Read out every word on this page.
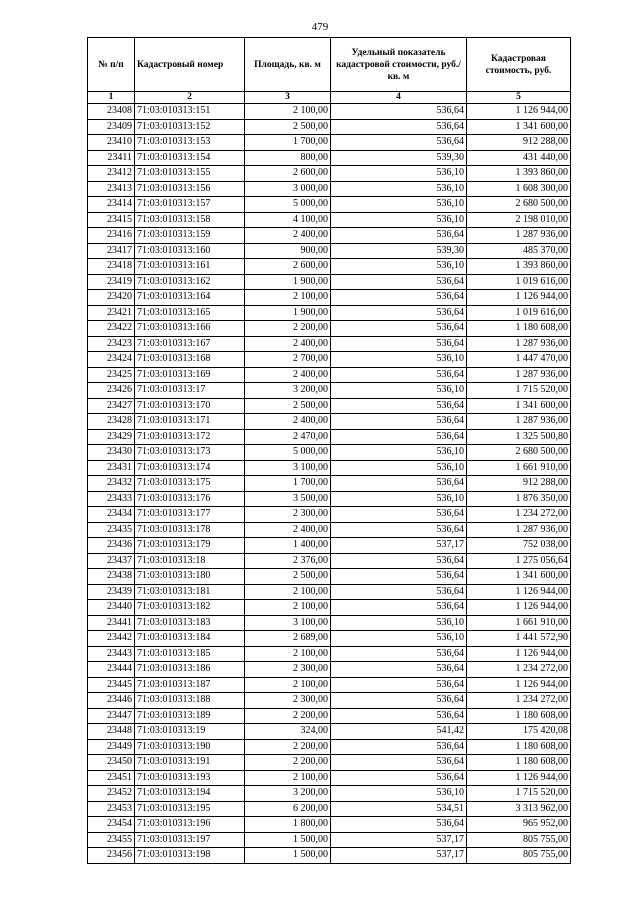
479
№ п/п	Кадастровый номер	Площадь, кв. м	Удельный показатель кадастровой стоимости, руб./кв. м	Кадастровая стоимость, руб.
1	2	3	4	5
23408	71:03:010313:151	2 100,00	536,64	1 126 944,00
23409	71:03:010313:152	2 500,00	536,64	1 341 600,00
23410	71:03:010313:153	1 700,00	536,64	912 288,00
23411	71:03:010313:154	800,00	539,30	431 440,00
23412	71:03:010313:155	2 600,00	536,10	1 393 860,00
23413	71:03:010313:156	3 000,00	536,10	1 608 300,00
23414	71:03:010313:157	5 000,00	536,10	2 680 500,00
23415	71:03:010313:158	4 100,00	536,10	2 198 010,00
23416	71:03:010313:159	2 400,00	536,64	1 287 936,00
23417	71:03:010313:160	900,00	539,30	485 370,00
23418	71:03:010313:161	2 600,00	536,10	1 393 860,00
23419	71:03:010313:162	1 900,00	536,64	1 019 616,00
23420	71:03:010313:164	2 100,00	536,64	1 126 944,00
23421	71:03:010313:165	1 900,00	536,64	1 019 616,00
23422	71:03:010313:166	2 200,00	536,64	1 180 608,00
23423	71:03:010313:167	2 400,00	536,64	1 287 936,00
23424	71:03:010313:168	2 700,00	536,10	1 447 470,00
23425	71:03:010313:169	2 400,00	536,64	1 287 936,00
23426	71:03:010313:17	3 200,00	536,10	1 715 520,00
23427	71:03:010313:170	2 500,00	536,64	1 341 600,00
23428	71:03:010313:171	2 400,00	536,64	1 287 936,00
23429	71:03:010313:172	2 470,00	536,64	1 325 500,80
23430	71:03:010313:173	5 000,00	536,10	2 680 500,00
23431	71:03:010313:174	3 100,00	536,10	1 661 910,00
23432	71:03:010313:175	1 700,00	536,64	912 288,00
23433	71:03:010313:176	3 500,00	536,10	1 876 350,00
23434	71:03:010313:177	2 300,00	536,64	1 234 272,00
23435	71:03:010313:178	2 400,00	536,64	1 287 936,00
23436	71:03:010313:179	1 400,00	537,17	752 038,00
23437	71:03:010313:18	2 376,00	536,64	1 275 056,64
23438	71:03:010313:180	2 500,00	536,64	1 341 600,00
23439	71:03:010313:181	2 100,00	536,64	1 126 944,00
23440	71:03:010313:182	2 100,00	536,64	1 126 944,00
23441	71:03:010313:183	3 100,00	536,10	1 661 910,00
23442	71:03:010313:184	2 689,00	536,10	1 441 572,90
23443	71:03:010313:185	2 100,00	536,64	1 126 944,00
23444	71:03:010313:186	2 300,00	536,64	1 234 272,00
23445	71:03:010313:187	2 100,00	536,64	1 126 944,00
23446	71:03:010313:188	2 300,00	536,64	1 234 272,00
23447	71:03:010313:189	2 200,00	536,64	1 180 608,00
23448	71:03:010313:19	324,00	541,42	175 420,08
23449	71:03:010313:190	2 200,00	536,64	1 180 608,00
23450	71:03:010313:191	2 200,00	536,64	1 180 608,00
23451	71:03:010313:193	2 100,00	536,64	1 126 944,00
23452	71:03:010313:194	3 200,00	536,10	1 715 520,00
23453	71:03:010313:195	6 200,00	534,51	3 313 962,00
23454	71:03:010313:196	1 800,00	536,64	965 952,00
23455	71:03:010313:197	1 500,00	537,17	805 755,00
23456	71:03:010313:198	1 500,00	537,17	805 755,00
